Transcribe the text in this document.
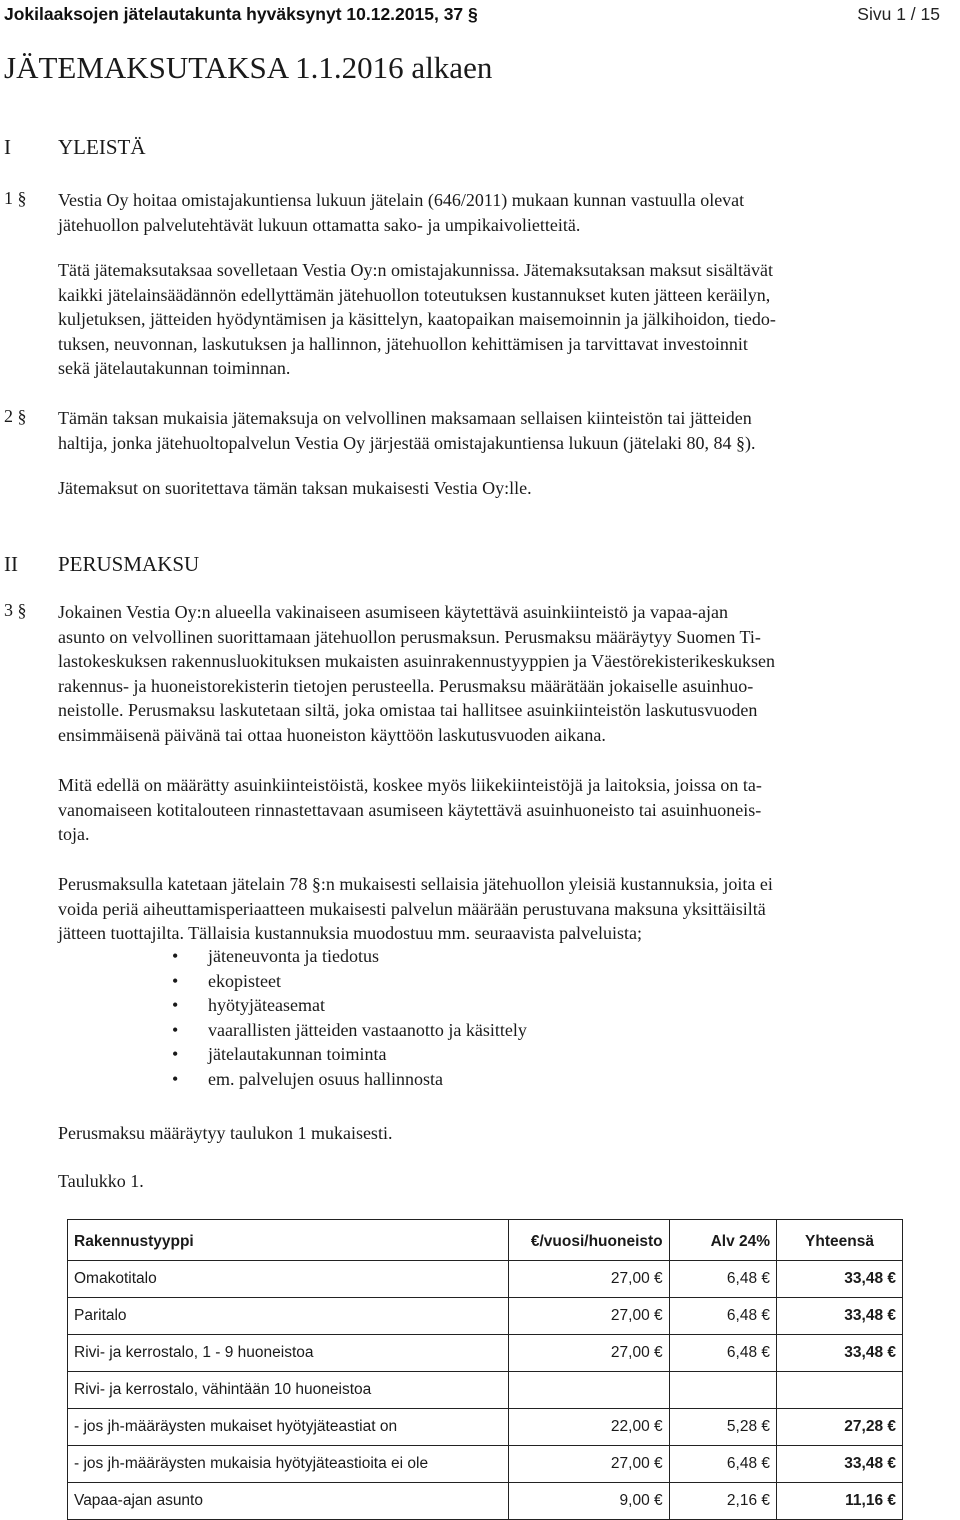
Jokilaaksojen jätelautakunta hyväksynyt 10.12.2015, 37 §	Sivu 1 / 15
JÄTEMAKSUTAKSA 1.1.2016 alkaen
I YLEISTÄ
1 § Vestia Oy hoitaa omistajakuntiensa lukuun jätelain (646/2011) mukaan kunnan vastuulla olevat
jätehuollon palvelutehtävät lukuun ottamatta sako- ja umpikaivolietteitä.
Tätä jätemaksutaksaa sovelletaan Vestia Oy:n omistajakunnissa. Jätemaksutaksan maksut sisältävät
kaikki jätelainsäädännön edellyttämän jätehuollon toteutuksen kustannukset kuten jätteen keräilyn,
kuljetuksen, jätteiden hyödyntämisen ja käsittelyn, kaatopaikan maisemoinnin ja jälkihoidon, tiedo-
tuksen, neuvonnan, laskutuksen ja hallinnon, jätehuollon kehittämisen ja tarvittavat investoinnit
sekä jätelautakunnan toiminnan.
2 § Tämän taksan mukaisia jätemaksuja on velvollinen maksamaan sellaisen kiinteistön tai jätteiden
haltija, jonka jätehuoltopalvelun Vestia Oy järjestää omistajakuntiensa lukuun (jätelaki 80, 84 §).
Jätemaksut on suoritettava tämän taksan mukaisesti Vestia Oy:lle.
II PERUSMAKSU
3 § Jokainen Vestia Oy:n alueella vakinaiseen asumiseen käytettävä asuinkiinteistö ja vapaa-ajan
asunto on velvollinen suorittamaan jätehuollon perusmaksun. Perusmaksu määräytyy Suomen Ti-
lastokeskuksen rakennusluokituksen mukaisten asuinrakennustyyppien ja Väestörekisterikeskuksen
rakennus- ja huoneistorekisterin tietojen perusteella. Perusmaksu määrätään jokaiselle asuinhuo-
neistolle. Perusmaksu laskutetaan siltä, joka omistaa tai hallitsee asuinkiinteistön laskutusvuoden
ensimmäisenä päivänä tai ottaa huoneiston käyttöön laskutusvuoden aikana.
Mitä edellä on määrätty asuinkiinteistöistä, koskee myös liikekiinteistöjä ja laitoksia, joissa on ta-
vanomaiseen kotitalouteen rinnastettavaan asumiseen käytettävä asuinhuoneisto tai asuinhuoneis-
toja.
Perusmaksulla katetaan jätelain 78 §:n mukaisesti sellaisia jätehuollon yleisiä kustannuksia, joita ei
voida periä aiheuttamisperiaatteen mukaisesti palvelun määrään perustuvana maksuna yksittäisiltä
jätteen tuottajilta. Tällaisia kustannuksia muodostuu mm. seuraavista palveluista;
• jäteneuvonta ja tiedotus
• ekopisteet
• hyötyjäteasemat
• vaarallisten jätteiden vastaanotto ja käsittely
• jätelautakunnan toiminta
• em. palvelujen osuus hallinnosta
Perusmaksu määräytyy taulukon 1 mukaisesti.
Taulukko 1.
Rakennustyyppi	€/vuosi/huoneisto	Alv 24%	Yhteensä
Omakotitalo	27,00 €	6,48 €	33,48 €
Paritalo	27,00 €	6,48 €	33,48 €
Rivi- ja kerrostalo, 1 - 9 huoneistoa	27,00 €	6,48 €	33,48 €
Rivi- ja kerrostalo, vähintään 10 huoneistoa			
- jos jh-määräysten mukaiset hyötyjäteastiat on	22,00 €	5,28 €	27,28 €
- jos jh-määräysten mukaisia hyötyjäteastioita ei ole	27,00 €	6,48 €	33,48 €
Vapaa-ajan asunto	9,00 €	2,16 €	11,16 €
